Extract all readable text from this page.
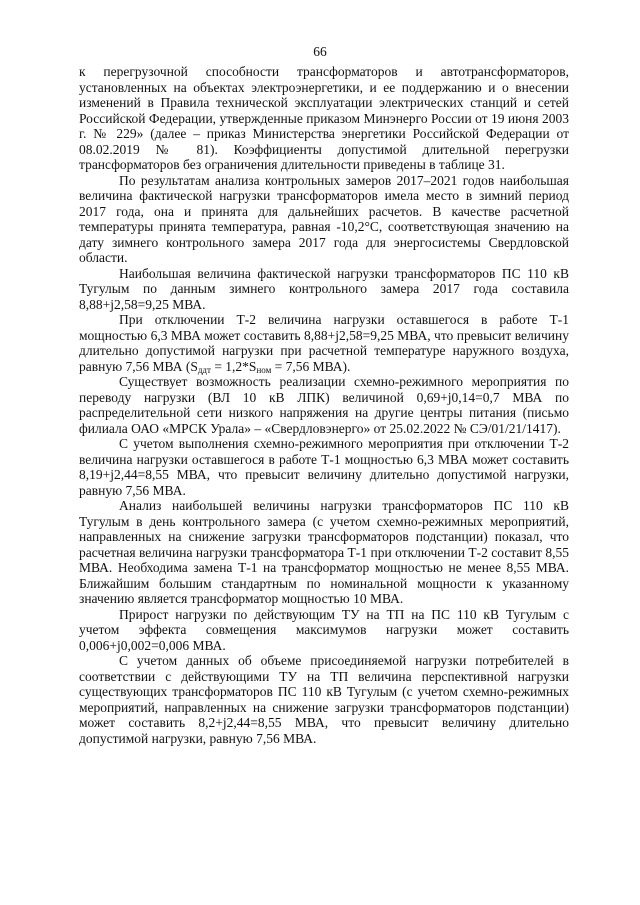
66

к перегрузочной способности трансформаторов и автотрансформаторов, установленных на объектах электроэнергетики, и ее поддержанию и о внесении изменений в Правила технической эксплуатации электрических станций и сетей Российской Федерации, утвержденные приказом Минэнерго России от 19 июня 2003 г. № 229» (далее – приказ Министерства энергетики Российской Федерации от 08.02.2019 № 81). Коэффициенты допустимой длительной перегрузки трансформаторов без ограничения длительности приведены в таблице 31.

По результатам анализа контрольных замеров 2017–2021 годов наибольшая величина фактической нагрузки трансформаторов имела место в зимний период 2017 года, она и принята для дальнейших расчетов. В качестве расчетной температуры принята температура, равная -10,2°C, соответствующая значению на дату зимнего контрольного замера 2017 года для энергосистемы Свердловской области.

Наибольшая величина фактической нагрузки трансформаторов ПС 110 кВ Тугулым по данным зимнего контрольного замера 2017 года составила 8,88+j2,58=9,25 МВА.

При отключении Т-2 величина нагрузки оставшегося в работе Т-1 мощностью 6,3 МВА может составить 8,88+j2,58=9,25 МВА, что превысит величину длительно допустимой нагрузки при расчетной температуре наружного воздуха, равную 7,56 МВА ($S_{ддт} = 1,2*S_{ном} = 7,56$ МВА).

Существует возможность реализации схемно-режимного мероприятия по переводу нагрузки (ВЛ 10 кВ ЛПК) величиной 0,69+j0,14=0,7 МВА по распределительной сети низкого напряжения на другие центры питания (письмо филиала ОАО «МРСК Урала» – «Свердловэнерго» от 25.02.2022 № СЭ/01/21/1417).

С учетом выполнения схемно-режимного мероприятия при отключении Т-2 величина нагрузки оставшегося в работе Т-1 мощностью 6,3 МВА может составить 8,19+j2,44=8,55 МВА, что превысит величину длительно допустимой нагрузки, равную 7,56 МВА.

Анализ наибольшей величины нагрузки трансформаторов ПС 110 кВ Тугулым в день контрольного замера (с учетом схемно-режимных мероприятий, направленных на снижение загрузки трансформаторов подстанции) показал, что расчетная величина нагрузки трансформатора Т-1 при отключении Т-2 составит 8,55 МВА. Необходима замена Т-1 на трансформатор мощностью не менее 8,55 МВА. Ближайшим большим стандартным по номинальной мощности к указанному значению является трансформатор мощностью 10 МВА.

Прирост нагрузки по действующим ТУ на ТП на ПС 110 кВ Тугулым с учетом эффекта совмещения максимумов нагрузки может составить 0,006+j0,002=0,006 МВА.

С учетом данных об объеме присоединяемой нагрузки потребителей в соответствии с действующими ТУ на ТП величина перспективной нагрузки существующих трансформаторов ПС 110 кВ Тугулым (с учетом схемно-режимных мероприятий, направленных на снижение загрузки трансформаторов подстанции) может составить 8,2+j2,44=8,55 МВА, что превысит величину длительно допустимой нагрузки, равную 7,56 МВА.
